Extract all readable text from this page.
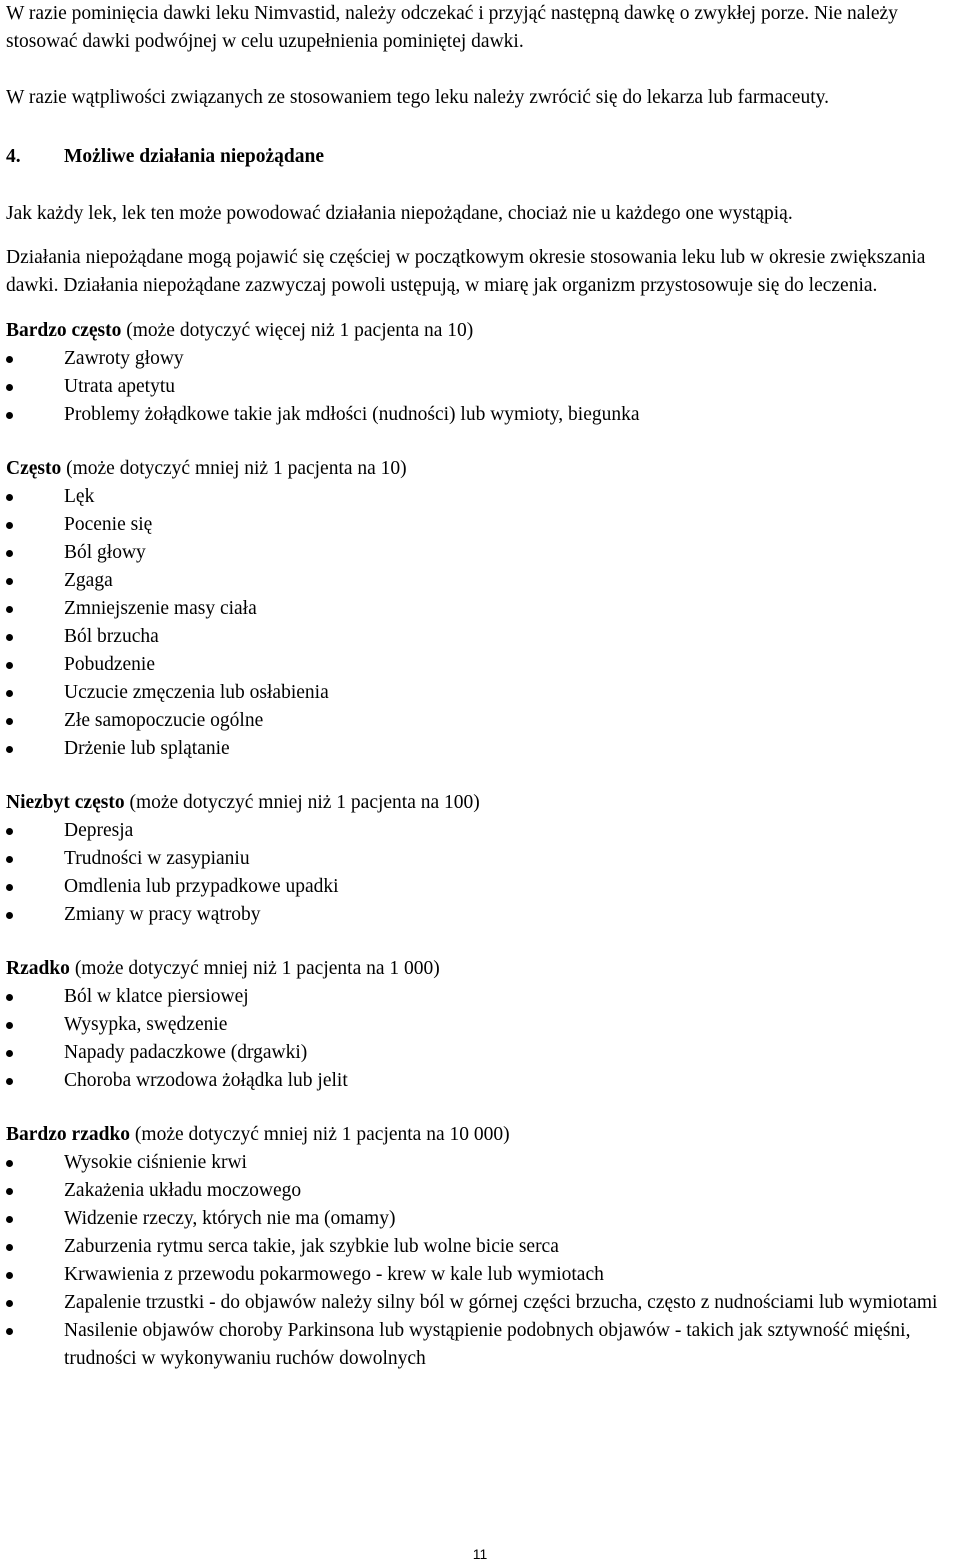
W razie pominięcia dawki leku Nimvastid, należy odczekać i przyjąć następną dawkę o zwykłej porze. Nie należy stosować dawki podwójnej w celu uzupełnienia pominiętej dawki.

W razie wątpliwości związanych ze stosowaniem tego leku należy zwrócić się do lekarza lub farmaceuty.

4. Możliwe działania niepożądane

Jak każdy lek, lek ten może powodować działania niepożądane, chociaż nie u każdego one wystąpią.

Działania niepożądane mogą pojawić się częściej w początkowym okresie stosowania leku lub w okresie zwiększania dawki. Działania niepożądane zazwyczaj powoli ustępują, w miarę jak organizm przystosowuje się do leczenia.

Bardzo często (może dotyczyć więcej niż 1 pacjenta na 10)

Zawroty głowy
Utrata apetytu
Problemy żołądkowe takie jak mdłości (nudności) lub wymioty, biegunka

Często (może dotyczyć mniej niż 1 pacjenta na 10)

Lęk
Pocenie się
Ból głowy
Zgaga
Zmniejszenie masy ciała
Ból brzucha
Pobudzenie
Uczucie zmęczenia lub osłabienia
Złe samopoczucie ogólne
Drżenie lub splątanie

Niezbyt często (może dotyczyć mniej niż 1 pacjenta na 100)

Depresja
Trudności w zasypianiu
Omdlenia lub przypadkowe upadki
Zmiany w pracy wątroby

Rzadko (może dotyczyć mniej niż 1 pacjenta na 1 000)

Ból w klatce piersiowej
Wysypka, swędzenie
Napady padaczkowe (drgawki)
Choroba wrzodowa żołądka lub jelit

Bardzo rzadko (może dotyczyć mniej niż 1 pacjenta na 10 000)

Wysokie ciśnienie krwi
Zakażenia układu moczowego
Widzenie rzeczy, których nie ma (omamy)
Zaburzenia rytmu serca takie, jak szybkie lub wolne bicie serca
Krwawienia z przewodu pokarmowego - krew w kale lub wymiotach
Zapalenie trzustki - do objawów należy silny ból w górnej części brzucha, często z nudnościami lub wymiotami
Nasilenie objawów choroby Parkinsona lub wystąpienie podobnych objawów - takich jak sztywność mięśni, trudności w wykonywaniu ruchów dowolnych
11
